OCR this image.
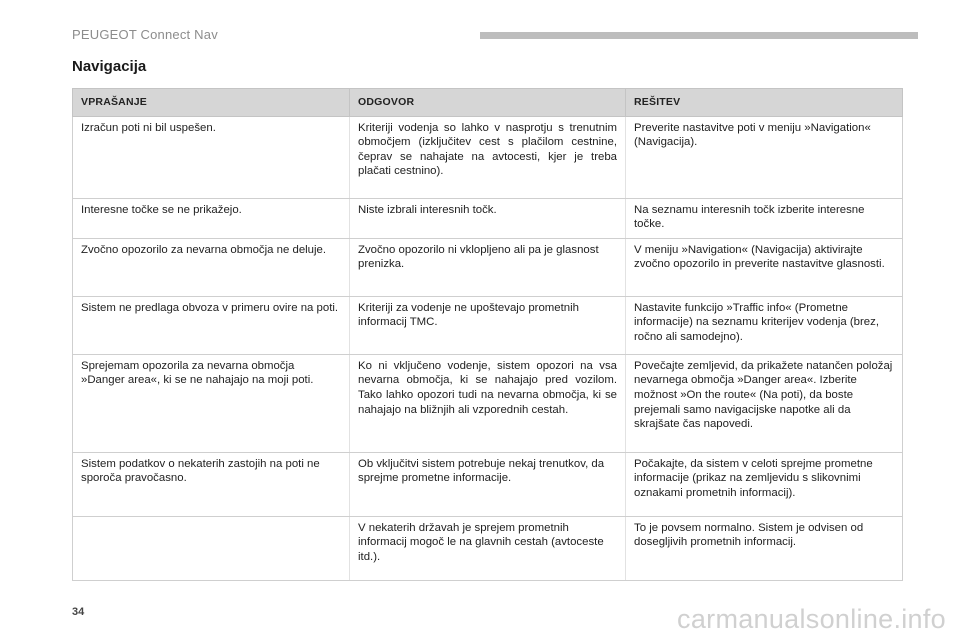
PEUGEOT Connect Nav
Navigacija
VPRAŠANJE	ODGOVOR	REŠITEV
Izračun poti ni bil uspešen.	Kriteriji vodenja so lahko v nasprotju s trenutnim območjem (izključitev cest s plačilom cestnine, čeprav se nahajate na avtocesti, kjer je treba plačati cestnino).	Preverite nastavitve poti v meniju »Navigation« (Navigacija).
Interesne točke se ne prikažejo.	Niste izbrali interesnih točk.	Na seznamu interesnih točk izberite interesne točke.
Zvočno opozorilo za nevarna območja ne deluje.	Zvočno opozorilo ni vklopljeno ali pa je glasnost prenizka.	V meniju »Navigation« (Navigacija) aktivirajte zvočno opozorilo in preverite nastavitve glasnosti.
Sistem ne predlaga obvoza v primeru ovire na poti.	Kriteriji za vodenje ne upoštevajo prometnih informacij TMC.	Nastavite funkcijo »Traffic info« (Prometne informacije) na seznamu kriterijev vodenja (brez, ročno ali samodejno).
Sprejemam opozorila za nevarna območja »Danger area«, ki se ne nahajajo na moji poti.	Ko ni vključeno vodenje, sistem opozori na vsa nevarna območja, ki se nahajajo pred vozilom. Tako lahko opozori tudi na nevarna območja, ki se nahajajo na bližnjih ali vzporednih cestah.	Povečajte zemljevid, da prikažete natančen položaj nevarnega območja »Danger area«. Izberite možnost »On the route« (Na poti), da boste prejemali samo navigacijske napotke ali da skrajšate čas napovedi.
Sistem podatkov o nekaterih zastojih na poti ne sporoča pravočasno.	Ob vključitvi sistem potrebuje nekaj trenutkov, da sprejme prometne informacije.	Počakajte, da sistem v celoti sprejme prometne informacije (prikaz na zemljevidu s slikovnimi oznakami prometnih informacij).
	V nekaterih državah je sprejem prometnih informacij mogoč le na glavnih cestah (avtoceste itd.).	To je povsem normalno. Sistem je odvisen od dosegljivih prometnih informacij.
34	carmanualsonline.info
